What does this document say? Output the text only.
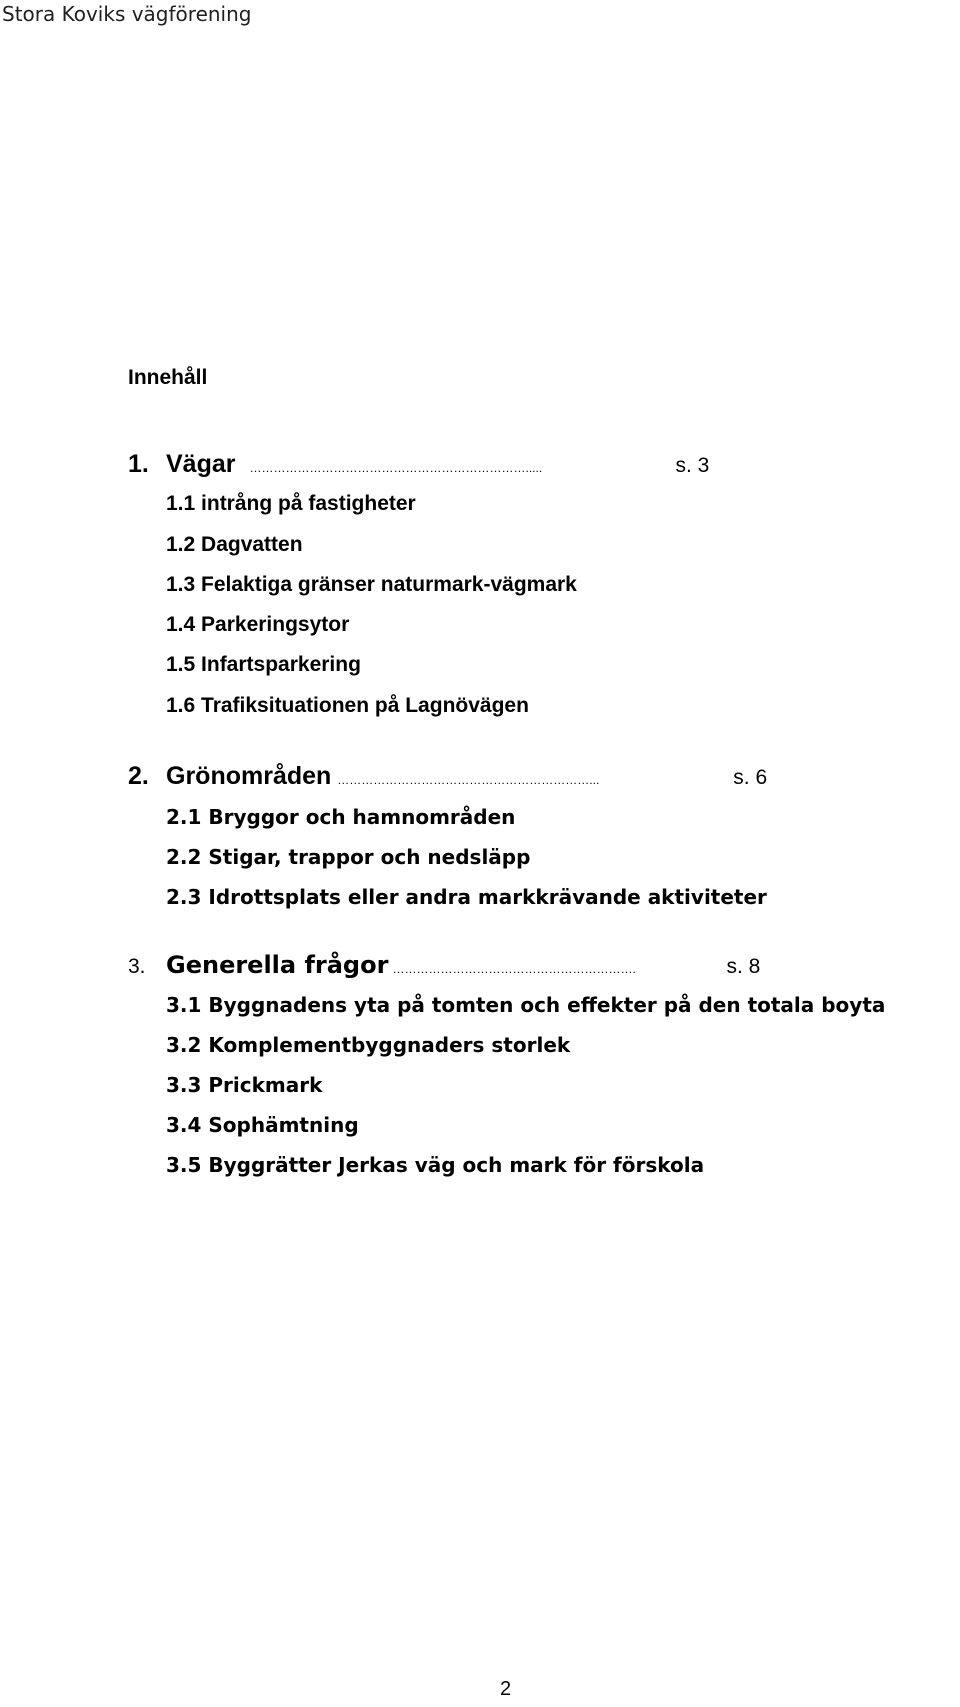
Stora Koviks vägförening
Innehåll
1. Vägar …………………………………………………………….....	s. 3
1.1 intrång på fastigheter
1.2 Dagvatten
1.3 Felaktiga gränser naturmark-vägmark
1.4 Parkeringsytor
1.5 Infartsparkering
1.6 Trafiksituationen på Lagnövägen
2. Grönområden ………………………………………………………...	s. 6
2.1 Bryggor och hamnområden
2.2 Stigar, trappor och nedsläpp
2.3 Idrottsplats eller andra markkrävande aktiviteter
3. Generella frågor …………………………………………………….	s. 8
3.1 Byggnadens yta på tomten och effekter på den totala boyta
3.2 Komplementbyggnaders storlek
3.3 Prickmark
3.4 Sophämtning
3.5 Byggrätter Jerkas väg och mark för förskola
2
